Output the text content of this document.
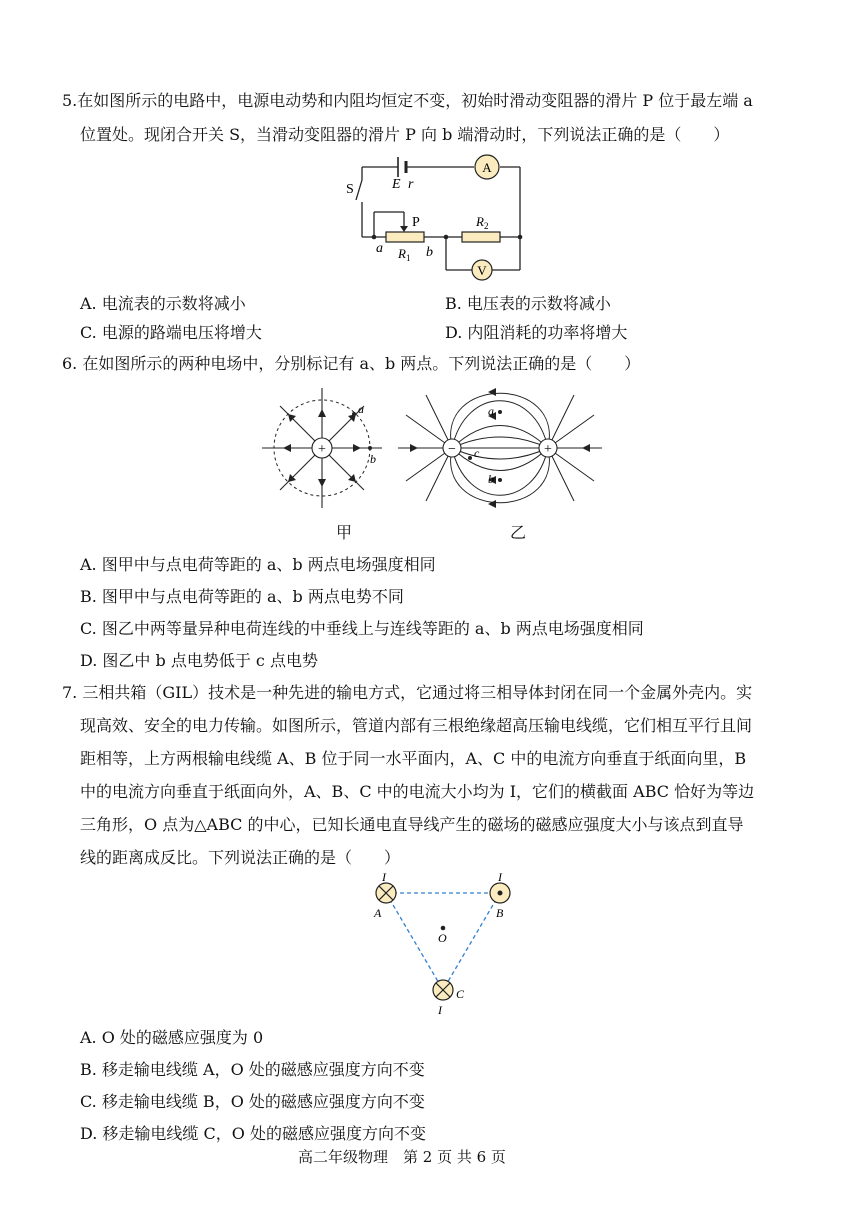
5.在如图所示的电路中，电源电动势和内阻均恒定不变，初始时滑动变阻器的滑片 P 位于最左端 a
位置处。现闭合开关 S，当滑动变阻器的滑片 P 向 b 端滑动时，下列说法正确的是（　　）
A
V
S	E r
P
a	b
$R_1$
$R_2$
A. 电流表的示数将减小	B. 电压表的示数将减小
C. 电源的路端电压将增大	D. 内阻消耗的功率将增大
6. 在如图所示的两种电场中，分别标记有 a、b 两点。下列说法正确的是（　　）
+
a
b
−	+
a
b
c
甲	乙
A. 图甲中与点电荷等距的 a、b 两点电场强度相同
B. 图甲中与点电荷等距的 a、b 两点电势不同
C. 图乙中两等量异种电荷连线的中垂线上与连线等距的 a、b 两点电场强度相同
D. 图乙中 b 点电势低于 c 点电势
7. 三相共箱（GIL）技术是一种先进的输电方式，它通过将三相导体封闭在同一个金属外壳内。实
现高效、安全的电力传输。如图所示，管道内部有三根绝缘超高压输电线缆，它们相互平行且间
距相等，上方两根输电线缆 A、B 位于同一水平面内，A、C 中的电流方向垂直于纸面向里，B
中的电流方向垂直于纸面向外，A、B、C 中的电流大小均为 I，它们的横截面 ABC 恰好为等边
三角形，O 点为△ABC 的中心，已知长通电直导线产生的磁场的磁感应强度大小与该点到直导
线的距离成反比。下列说法正确的是（　　）
I
A
I
B
O
C
I
A. O 处的磁感应强度为 0
B. 移走输电线缆 A，O 处的磁感应强度方向不变
C. 移走输电线缆 B，O 处的磁感应强度方向不变
D. 移走输电线缆 C，O 处的磁感应强度方向不变
高二年级物理　第 2 页 共 6 页
